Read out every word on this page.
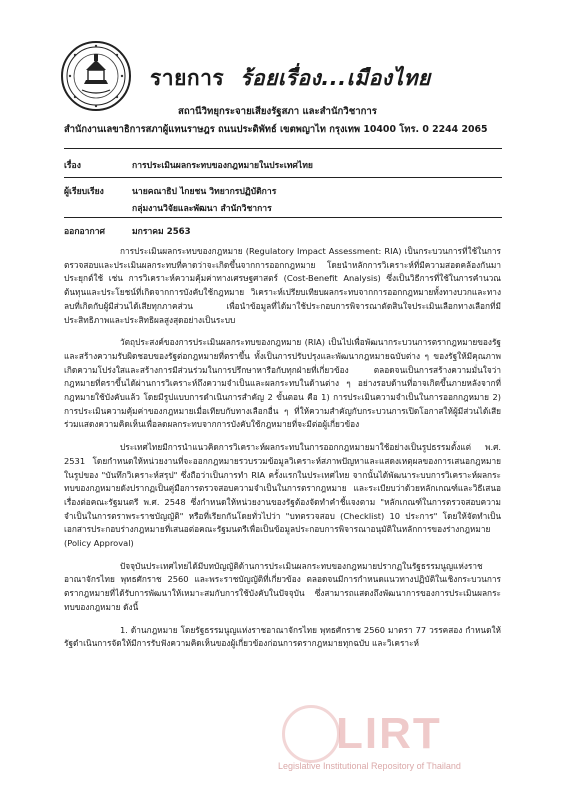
รายการ ร้อยเรื่อง...เมืองไทย
สถานีวิทยุกระจายเสียงรัฐสภา และสำนักวิชาการ
สำนักงานเลขาธิการสภาผู้แทนราษฎร ถนนประดิพัทธ์ เขตพญาไท กรุงเทพ 10400 โทร. 0 2244 2065
เรื่อง	การประเมินผลกระทบของกฎหมายในประเทศไทย
ผู้เรียบเรียง	นายคณาธิป ไกยชน วิทยากรปฏิบัติการ
กลุ่มงานวิจัยและพัฒนา สำนักวิชาการ
ออกอากาศ	มกราคม 2563

การประเมินผลกระทบของกฎหมาย (Regulatory Impact Assessment: RIA) เป็นกระบวนการที่ใช้ในการตรวจสอบและประเมินผลกระทบที่คาดว่าจะเกิดขึ้นจากการออกกฎหมาย โดยนำหลักการวิเคราะห์ที่มีความสอดคล้องกันมาประยุกต์ใช้ เช่น การวิเคราะห์ความคุ้มค่าทางเศรษฐศาสตร์ (Cost-Benefit Analysis) ซึ่งเป็นวิธีการที่ใช้ในการคำนวณต้นทุนและประโยชน์ที่เกิดจากการบังคับใช้กฎหมาย วิเคราะห์เปรียบเทียบผลกระทบจากการออกกฎหมายทั้งทางบวกและทางลบที่เกิดกับผู้มีส่วนได้เสียทุกภาคส่วน เพื่อนำข้อมูลที่ได้มาใช้ประกอบการพิจารณาตัดสินใจประเมินเลือกทางเลือกที่มีประสิทธิภาพและประสิทธิผลสูงสุดอย่างเป็นระบบ

วัตถุประสงค์ของการประเมินผลกระทบของกฎหมาย (RIA) เป็นไปเพื่อพัฒนากระบวนการตรากฎหมายของรัฐ และสร้างความรับผิดชอบของรัฐต่อกฎหมายที่ตราขึ้น ทั้งเป็นการปรับปรุงและพัฒนากฎหมายฉบับต่าง ๆ ของรัฐให้มีคุณภาพ เกิดความโปร่งใสและสร้างการมีส่วนร่วมในการปรึกษาหารือกับทุกฝ่ายที่เกี่ยวข้อง ตลอดจนเป็นการสร้างความมั่นใจว่ากฎหมายที่ตราขึ้นได้ผ่านการวิเคราะห์ถึงความจำเป็นและผลกระทบในด้านต่าง ๆ อย่างรอบด้านที่อาจเกิดขึ้นภายหลังจากที่กฎหมายใช้บังคับแล้ว โดยมีรูปแบบการดำเนินการสำคัญ 2 ขั้นตอน คือ 1) การประเมินความจำเป็นในการออกกฎหมาย 2) การประเมินความคุ้มค่าของกฎหมายเมื่อเทียบกับทางเลือกอื่น ๆ ที่ให้ความสำคัญกับกระบวนการเปิดโอกาสให้ผู้มีส่วนได้เสียร่วมแสดงความคิดเห็นเพื่อลดผลกระทบจากการบังคับใช้กฎหมายที่จะมีต่อผู้เกี่ยวข้อง

ประเทศไทยมีการนำแนวคิดการวิเคราะห์ผลกระทบในการออกกฎหมายมาใช้อย่างเป็นรูปธรรมตั้งแต่ พ.ศ. 2531 โดยกำหนดให้หน่วยงานที่จะออกกฎหมายรวบรวมข้อมูลวิเคราะห์สภาพปัญหาและแสดงเหตุผลของการเสนอกฎหมายในรูปของ "บันทึกวิเคราะห์สรุป" ซึ่งถือว่าเป็นการทำ RIA ครั้งแรกในประเทศไทย จากนั้นได้พัฒนาระบบการวิเคราะห์ผลกระทบของกฎหมายดังปรากฏเป็นคู่มือการตรวจสอบความจำเป็นในการตรากฎหมาย และระเบียบว่าด้วยหลักเกณฑ์และวิธีเสนอเรื่องต่อคณะรัฐมนตรี พ.ศ. 2548 ซึ่งกำหนดให้หน่วยงานของรัฐต้องจัดทำคำชี้แจงตาม "หลักเกณฑ์ในการตรวจสอบความจำเป็นในการตราพระราชบัญญัติ" หรือที่เรียกกันโดยทั่วไปว่า "บทตรวจสอบ (Checklist) 10 ประการ" โดยให้จัดทำเป็นเอกสารประกอบร่างกฎหมายที่เสนอต่อคณะรัฐมนตรีเพื่อเป็นข้อมูลประกอบการพิจารณาอนุมัติในหลักการของร่างกฎหมาย (Policy Approval)

ปัจจุบันประเทศไทยได้มีบทบัญญัติด้านการประเมินผลกระทบของกฎหมายปรากฏในรัฐธรรมนูญแห่งราชอาณาจักรไทย พุทธศักราช 2560 และพระราชบัญญัติที่เกี่ยวข้อง ตลอดจนมีการกำหนดแนวทางปฏิบัติในเชิงกระบวนการตรากฎหมายที่ได้รับการพัฒนาให้เหมาะสมกับการใช้บังคับในปัจจุบัน ซึ่งสามารถแสดงถึงพัฒนาการของการประเมินผลกระทบของกฎหมาย ดังนี้

1. ด้านกฎหมาย โดยรัฐธรรมนูญแห่งราชอาณาจักรไทย พุทธศักราช 2560 มาตรา 77 วรรคสอง กำหนดให้รัฐดำเนินการจัดให้มีการรับฟังความคิดเห็นของผู้เกี่ยวข้องก่อนการตรากฎหมายทุกฉบับ และวิเคราะห์

LIRT
Legislative Institutional Repository of Thailand
